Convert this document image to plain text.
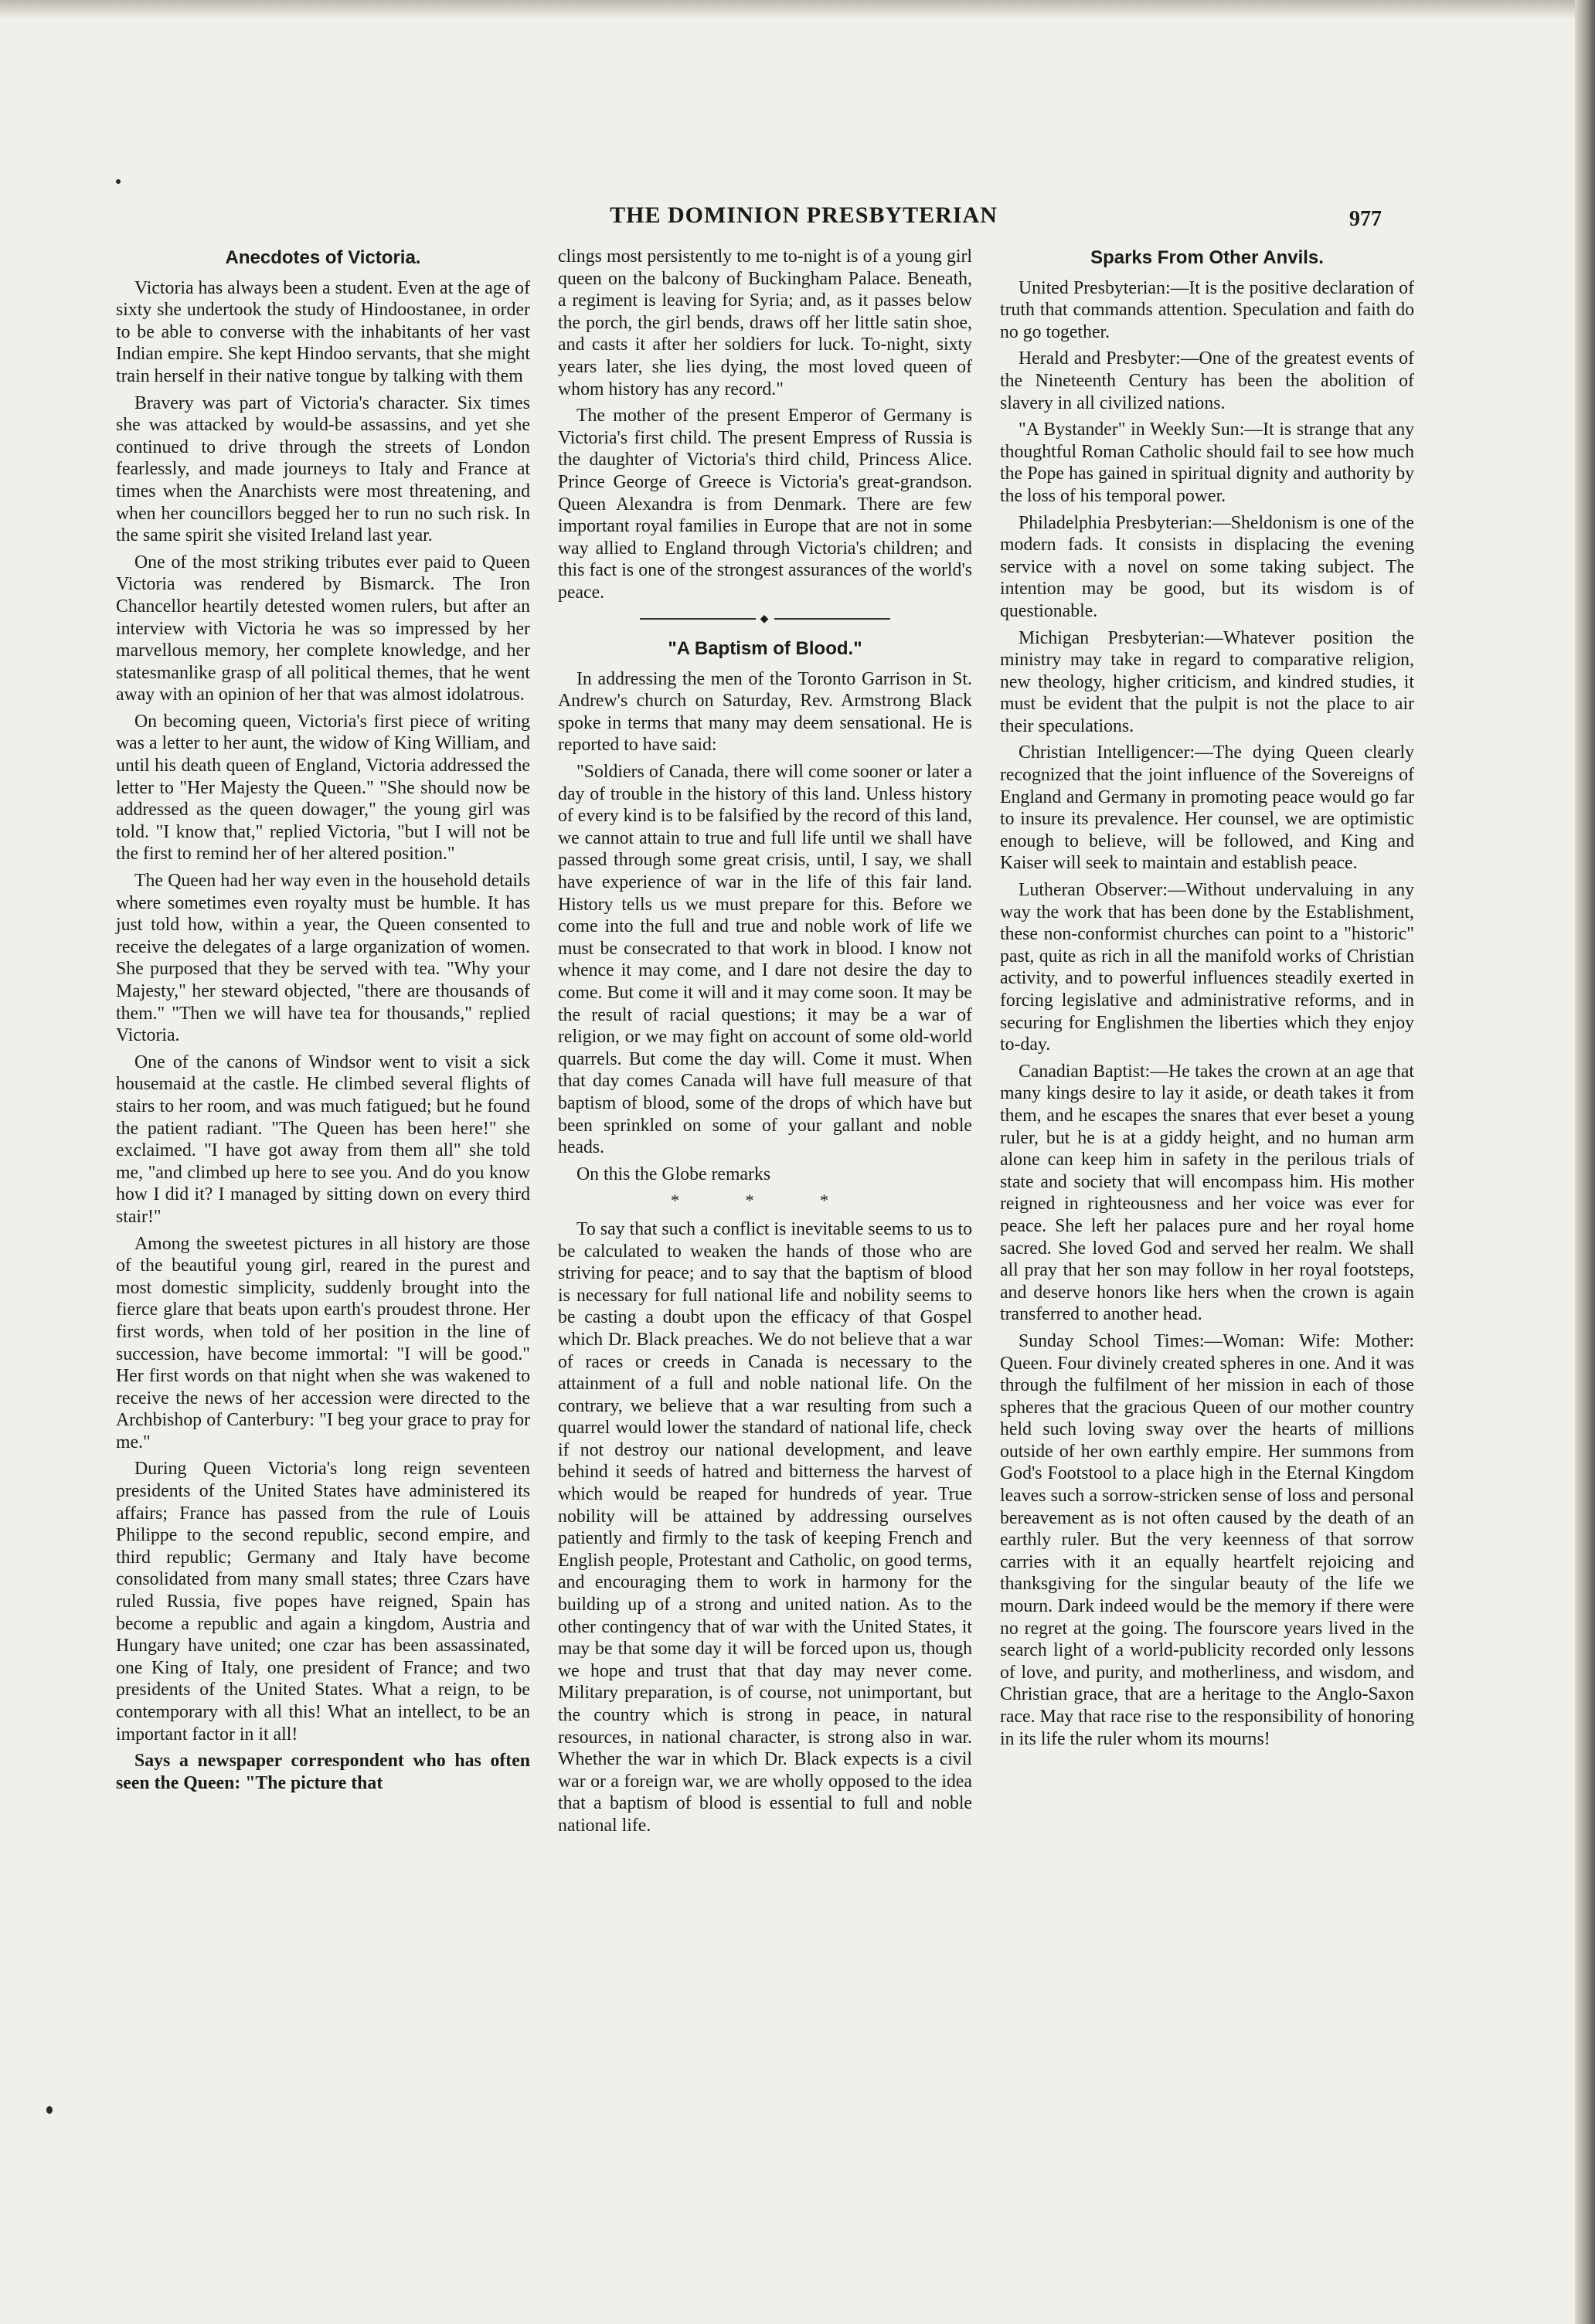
THE DOMINION PRESBYTERIAN	977
Anecdotes of Victoria.

Victoria has always been a student. Even at the age of sixty she undertook the study of Hindoostanee, in order to be able to converse with the inhabitants of her vast Indian empire. She kept Hindoo servants, that she might train herself in their native tongue by talking with them

Bravery was part of Victoria's character. Six times she was attacked by would-be assassins, and yet she continued to drive through the streets of London fearlessly, and made journeys to Italy and France at times when the Anarchists were most threatening, and when her councillors begged her to run no such risk. In the same spirit she visited Ireland last year.

One of the most striking tributes ever paid to Queen Victoria was rendered by Bismarck. The Iron Chancellor heartily detested women rulers, but after an interview with Victoria he was so impressed by her marvellous memory, her complete knowledge, and her statesmanlike grasp of all political themes, that he went away with an opinion of her that was almost idolatrous.

On becoming queen, Victoria's first piece of writing was a letter to her aunt, the widow of King William, and until his death queen of England, Victoria addressed the letter to "Her Majesty the Queen." "She should now be addressed as the queen dowager," the young girl was told. "I know that," replied Victoria, "but I will not be the first to remind her of her altered position."

The Queen had her way even in the household details where sometimes even royalty must be humble. It has just told how, within a year, the Queen consented to receive the delegates of a large organization of women. She purposed that they be served with tea. "Why your Majesty," her steward objected, "there are thousands of them." "Then we will have tea for thousands," replied Victoria.

One of the canons of Windsor went to visit a sick housemaid at the castle. He climbed several flights of stairs to her room, and was much fatigued; but he found the patient radiant. "The Queen has been here!" she exclaimed. "I have got away from them all" she told me, "and climbed up here to see you. And do you know how I did it? I managed by sitting down on every third stair!"

Among the sweetest pictures in all history are those of the beautiful young girl, reared in the purest and most domestic simplicity, suddenly brought into the fierce glare that beats upon earth's proudest throne. Her first words, when told of her position in the line of succession, have become immortal: "I will be good." Her first words on that night when she was wakened to receive the news of her accession were directed to the Archbishop of Canterbury: "I beg your grace to pray for me."

During Queen Victoria's long reign seventeen presidents of the United States have administered its affairs; France has passed from the rule of Louis Philippe to the second republic, second empire, and third republic; Germany and Italy have become consolidated from many small states; three Czars have ruled Russia, five popes have reigned, Spain has become a republic and again a kingdom, Austria and Hungary have united; one czar has been assassinated, one King of Italy, one president of France; and two presidents of the United States. What a reign, to be contemporary with all this! What an intellect, to be an important factor in it all!

Says a newspaper correspondent who has often seen the Queen: "The picture that

clings most persistently to me to-night is of a young girl queen on the balcony of Buckingham Palace. Beneath, a regiment is leaving for Syria; and, as it passes below the porch, the girl bends, draws off her little satin shoe, and casts it after her soldiers for luck. To-night, sixty years later, she lies dying, the most loved queen of whom history has any record."

The mother of the present Emperor of Germany is Victoria's first child. The present Empress of Russia is the daughter of Victoria's third child, Princess Alice. Prince George of Greece is Victoria's great-grandson. Queen Alexandra is from Denmark. There are few important royal families in Europe that are not in some way allied to England through Victoria's children; and this fact is one of the strongest assurances of the world's peace.

◆
"A Baptism of Blood."

In addressing the men of the Toronto Garrison in St. Andrew's church on Saturday, Rev. Armstrong Black spoke in terms that many may deem sensational. He is reported to have said:

"Soldiers of Canada, there will come sooner or later a day of trouble in the history of this land. Unless history of every kind is to be falsified by the record of this land, we cannot attain to true and full life until we shall have passed through some great crisis, until, I say, we shall have experience of war in the life of this fair land. History tells us we must prepare for this. Before we come into the full and true and noble work of life we must be consecrated to that work in blood. I know not whence it may come, and I dare not desire the day to come. But come it will and it may come soon. It may be the result of racial questions; it may be a war of religion, or we may fight on account of some old-world quarrels. But come the day will. Come it must. When that day comes Canada will have full measure of that baptism of blood, some of the drops of which have but been sprinkled on some of your gallant and noble heads.

On this the Globe remarks

* * *

To say that such a conflict is inevitable seems to us to be calculated to weaken the hands of those who are striving for peace; and to say that the baptism of blood is necessary for full national life and nobility seems to be casting a doubt upon the efficacy of that Gospel which Dr. Black preaches. We do not believe that a war of races or creeds in Canada is necessary to the attainment of a full and noble national life. On the contrary, we believe that a war resulting from such a quarrel would lower the standard of national life, check if not destroy our national development, and leave behind it seeds of hatred and bitterness the harvest of which would be reaped for hundreds of year. True nobility will be attained by addressing ourselves patiently and firmly to the task of keeping French and English people, Protestant and Catholic, on good terms, and encouraging them to work in harmony for the building up of a strong and united nation. As to the other contingency that of war with the United States, it may be that some day it will be forced upon us, though we hope and trust that that day may never come. Military preparation, is of course, not unimportant, but the country which is strong in peace, in natural resources, in national character, is strong also in war. Whether the war in which Dr. Black expects is a civil war or a foreign war, we are wholly opposed to the idea that a baptism of blood is essential to full and noble national life.

Sparks From Other Anvils.

United Presbyterian:—It is the positive declaration of truth that commands attention. Speculation and faith do no go together.

Herald and Presbyter:—One of the greatest events of the Nineteenth Century has been the abolition of slavery in all civilized nations.

"A Bystander" in Weekly Sun:—It is strange that any thoughtful Roman Catholic should fail to see how much the Pope has gained in spiritual dignity and authority by the loss of his temporal power.

Philadelphia Presbyterian:—Sheldonism is one of the modern fads. It consists in displacing the evening service with a novel on some taking subject. The intention may be good, but its wisdom is of questionable.

Michigan Presbyterian:—Whatever position the ministry may take in regard to comparative religion, new theology, higher criticism, and kindred studies, it must be evident that the pulpit is not the place to air their speculations.

Christian Intelligencer:—The dying Queen clearly recognized that the joint influence of the Sovereigns of England and Germany in promoting peace would go far to insure its prevalence. Her counsel, we are optimistic enough to believe, will be followed, and King and Kaiser will seek to maintain and establish peace.

Lutheran Observer:—Without undervaluing in any way the work that has been done by the Establishment, these non-conformist churches can point to a "historic" past, quite as rich in all the manifold works of Christian activity, and to powerful influences steadily exerted in forcing legislative and administrative reforms, and in securing for Englishmen the liberties which they enjoy to-day.

Canadian Baptist:—He takes the crown at an age that many kings desire to lay it aside, or death takes it from them, and he escapes the snares that ever beset a young ruler, but he is at a giddy height, and no human arm alone can keep him in safety in the perilous trials of state and society that will encompass him. His mother reigned in righteousness and her voice was ever for peace. She left her palaces pure and her royal home sacred. She loved God and served her realm. We shall all pray that her son may follow in her royal footsteps, and deserve honors like hers when the crown is again transferred to another head.

Sunday School Times:—Woman: Wife: Mother: Queen. Four divinely created spheres in one. And it was through the fulfilment of her mission in each of those spheres that the gracious Queen of our mother country held such loving sway over the hearts of millions outside of her own earthly empire. Her summons from God's Footstool to a place high in the Eternal Kingdom leaves such a sorrow-stricken sense of loss and personal bereavement as is not often caused by the death of an earthly ruler. But the very keenness of that sorrow carries with it an equally heartfelt rejoicing and thanksgiving for the singular beauty of the life we mourn. Dark indeed would be the memory if there were no regret at the going. The fourscore years lived in the search light of a world-publicity recorded only lessons of love, and purity, and motherliness, and wisdom, and Christian grace, that are a heritage to the Anglo-Saxon race. May that race rise to the responsibility of honoring in its life the ruler whom its mourns!
